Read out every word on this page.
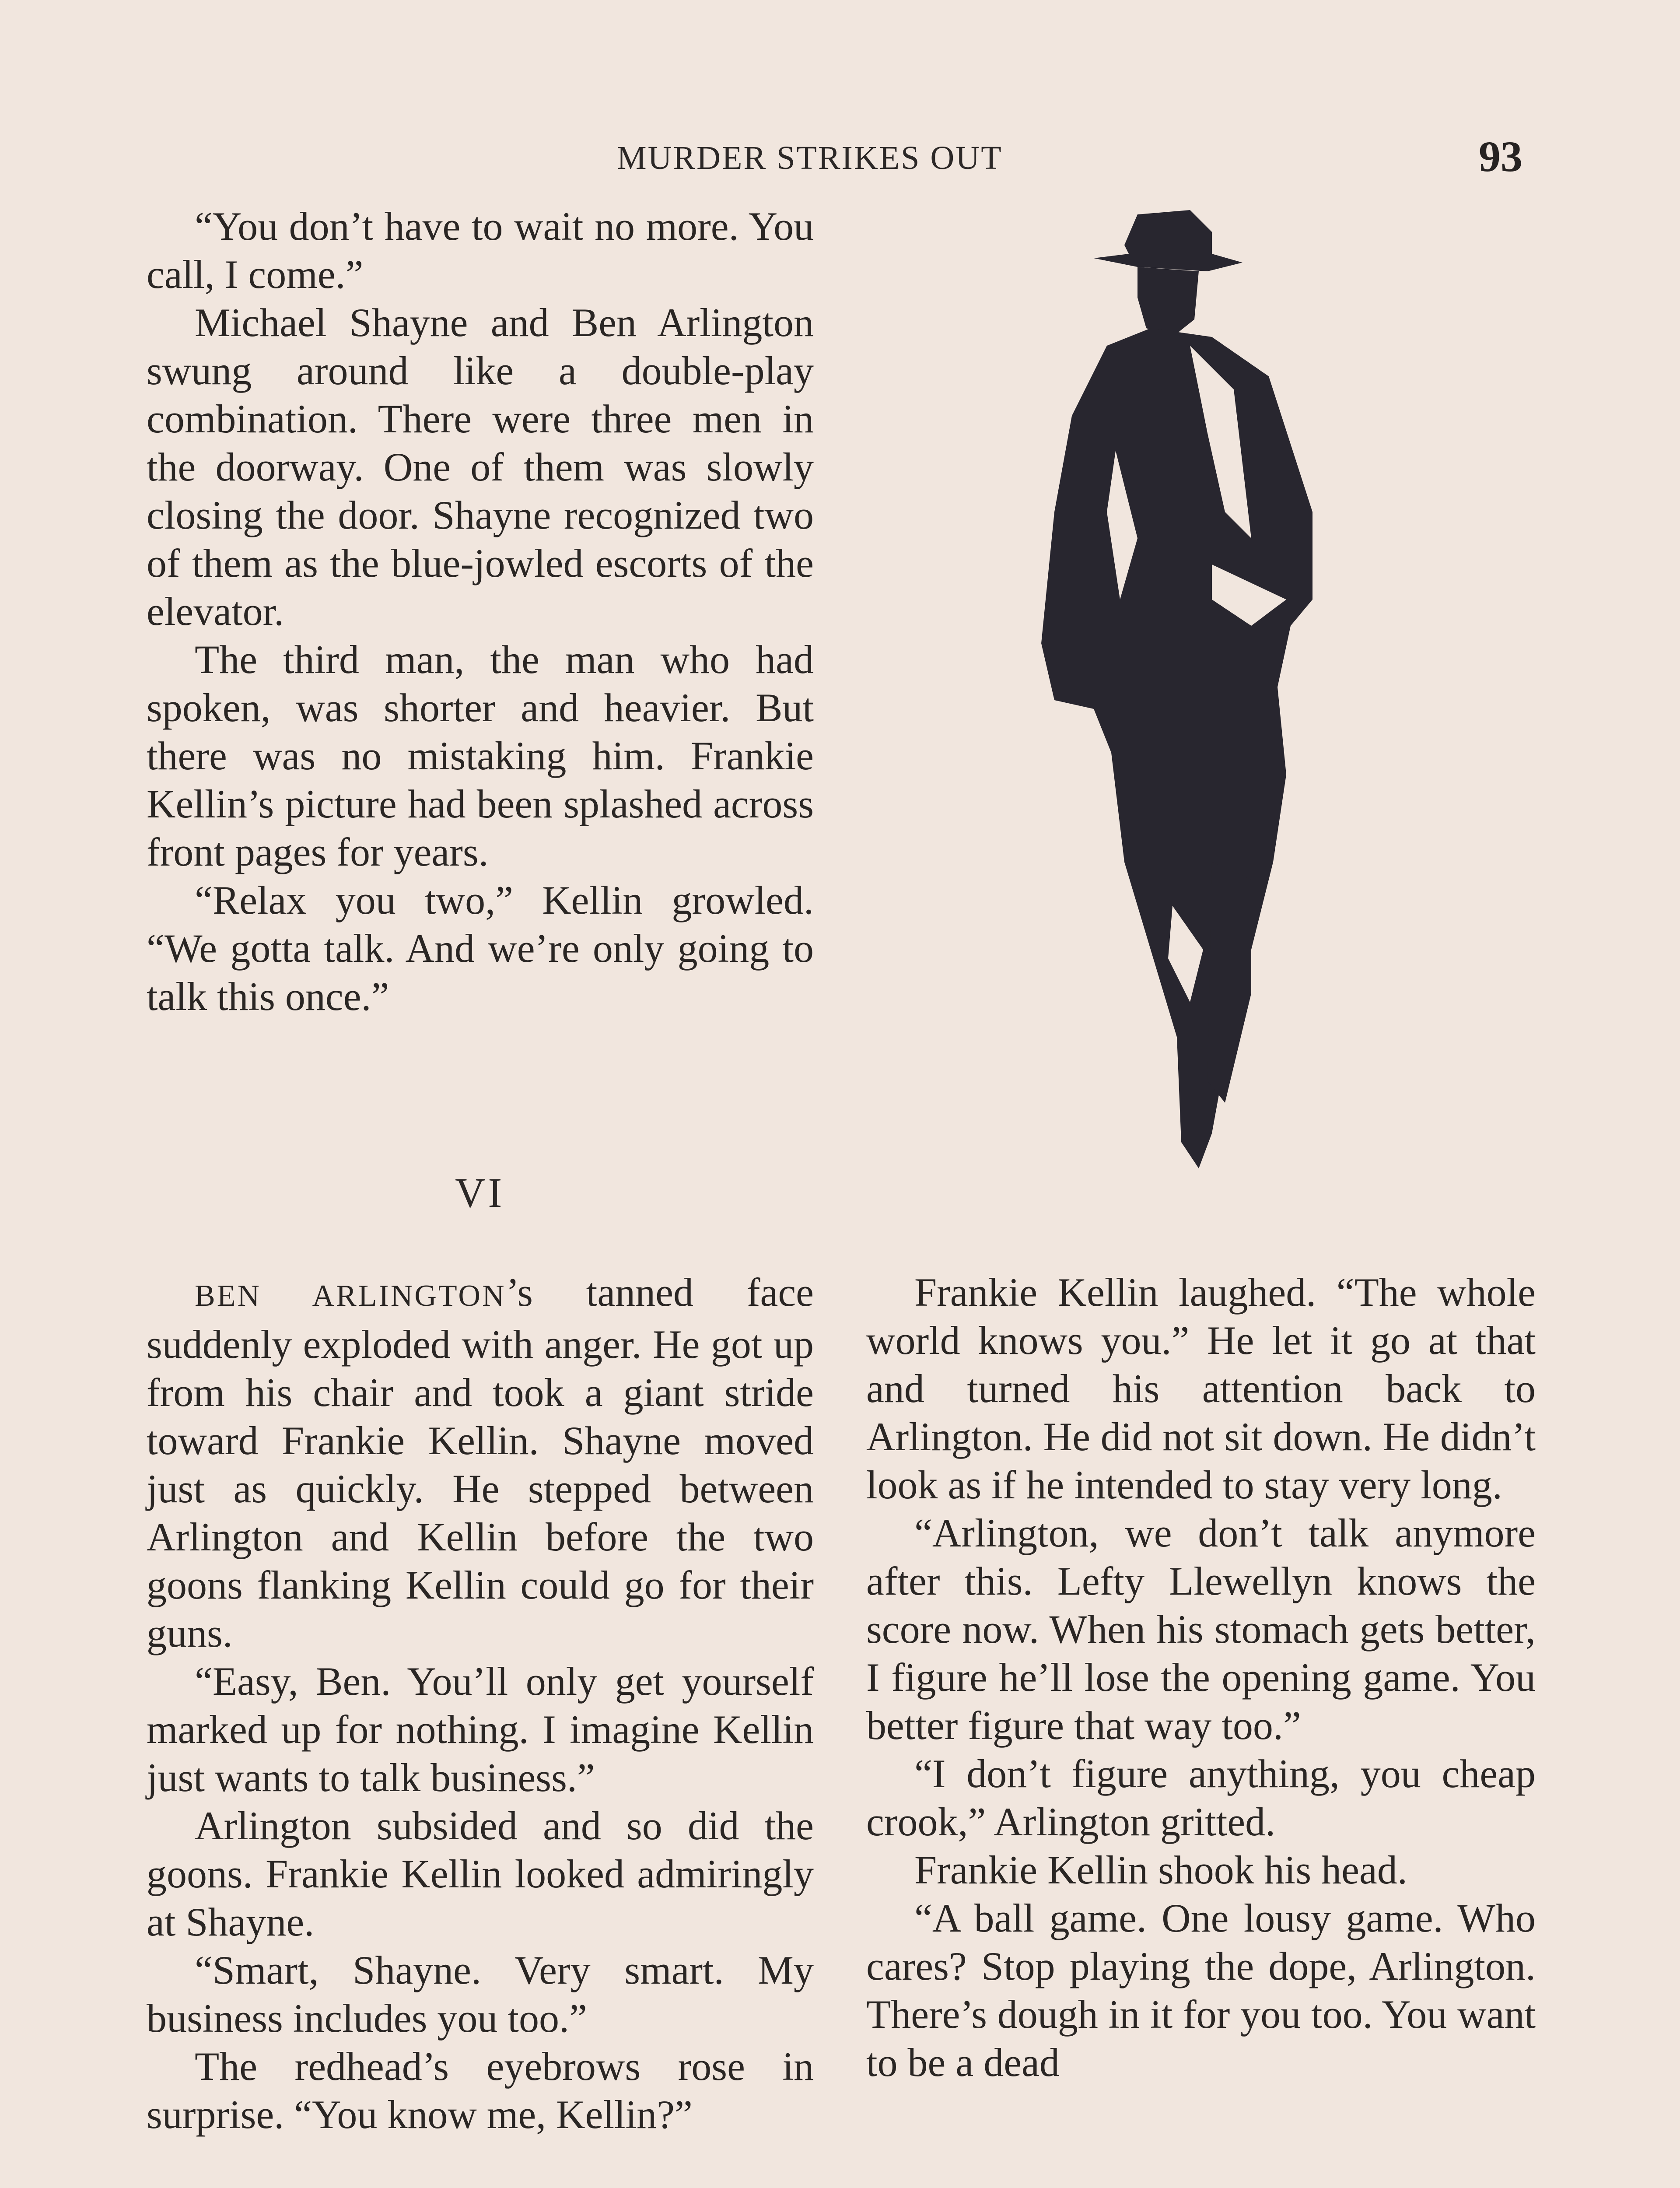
MURDER STRIKES OUT	93

“You don’t have to wait no more. You call, I come.”

Michael Shayne and Ben Arlington swung around like a double-play combination. There were three men in the doorway. One of them was slowly closing the door. Shayne recognized two of them as the blue-jowled escorts of the elevator.

The third man, the man who had spoken, was shorter and heavier. But there was no mistaking him. Frankie Kellin’s picture had been splashed across front pages for years.

“Relax you two,” Kellin growled. “We gotta talk. And we’re only going to talk this once.”

VI

BEN ARLINGTON’s tanned face suddenly exploded with anger. He got up from his chair and took a giant stride toward Frankie Kellin. Shayne moved just as quickly. He stepped between Arlington and Kellin before the two goons flanking Kellin could go for their guns.

“Easy, Ben. You’ll only get yourself marked up for nothing. I imagine Kellin just wants to talk business.”

Arlington subsided and so did the goons. Frankie Kellin looked admiringly at Shayne.

“Smart, Shayne. Very smart. My business includes you too.”

The redhead’s eyebrows rose in surprise. “You know me, Kellin?”

Frankie Kellin laughed. “The whole world knows you.” He let it go at that and turned his attention back to Arlington. He did not sit down. He didn’t look as if he intended to stay very long.

“Arlington, we don’t talk anymore after this. Lefty Llewellyn knows the score now. When his stomach gets better, I figure he’ll lose the opening game. You better figure that way too.”

“I don’t figure anything, you cheap crook,” Arlington gritted.

Frankie Kellin shook his head.

“A ball game. One lousy game. Who cares? Stop playing the dope, Arlington. There’s dough in it for you too. You want to be a dead
